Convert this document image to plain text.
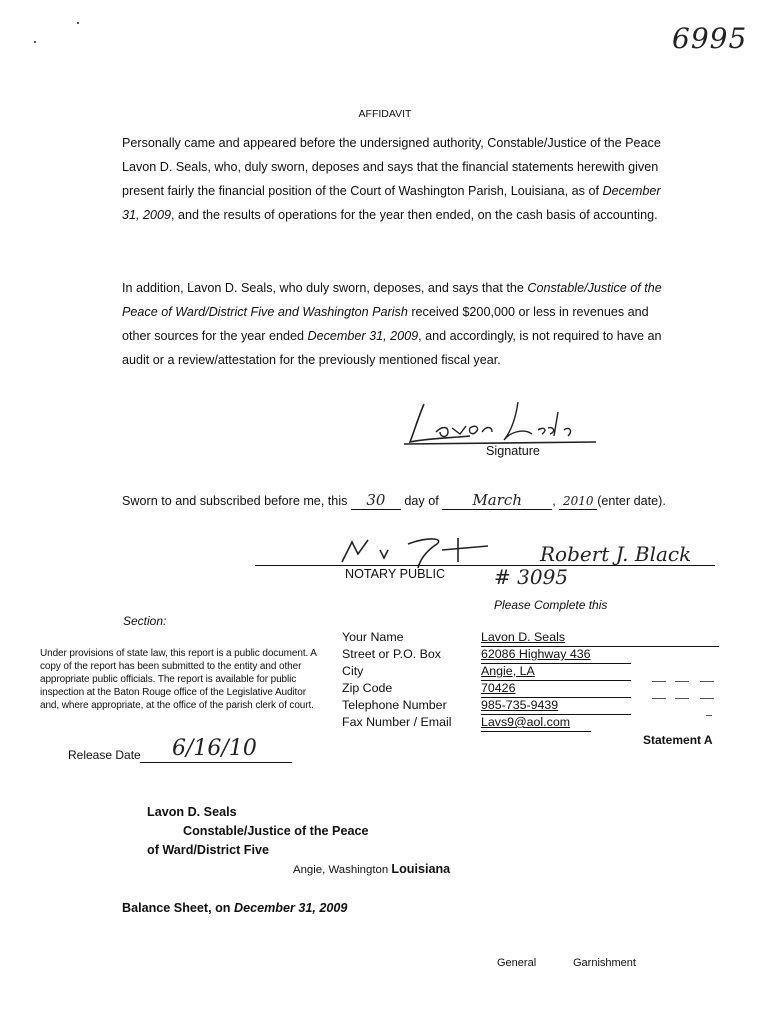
6995
AFFIDAVIT

Personally came and appeared before the undersigned authority, Constable/Justice of the Peace Lavon D. Seals, who, duly sworn, deposes and says that the financial statements herewith given present fairly the financial position of the Court of Washington Parish, Louisiana, as of December 31, 2009, and the results of operations for the year then ended, on the cash basis of accounting.

In addition, Lavon D. Seals, who duly sworn, deposes, and says that the Constable/Justice of the Peace of Ward/District Five and Washington Parish received $200,000 or less in revenues and other sources for the year ended December 31, 2009, and accordingly, is not required to have an audit or a review/attestation for the previously mentioned fiscal year.

Signature
Sworn to and subscribed before me, this 30 day of March , 2010 (enter date).
Robert J. Black
NOTARY PUBLIC # 3095
Please Complete this
Section:

Under provisions of state law, this report is a public document. A copy of the report has been submitted to the entity and other appropriate public officials. The report is available for public inspection at the Baton Rouge office of the Legislative Auditor and, where appropriate, at the office of the parish clerk of court.

Your Name
Street or P.O. Box
City
Zip Code
Telephone Number
Fax Number / Email
Lavon D. Seals
62086 Highway 436
Angie, LA
70426
985-735-9439
Lavs9@aol.com
Statement A
Release Date 6/16/10
Lavon D. Seals
Constable/Justice of the Peace
of Ward/District Five
Angie, Washington Louisiana
Balance Sheet, on December 31, 2009
General	Garnishment
